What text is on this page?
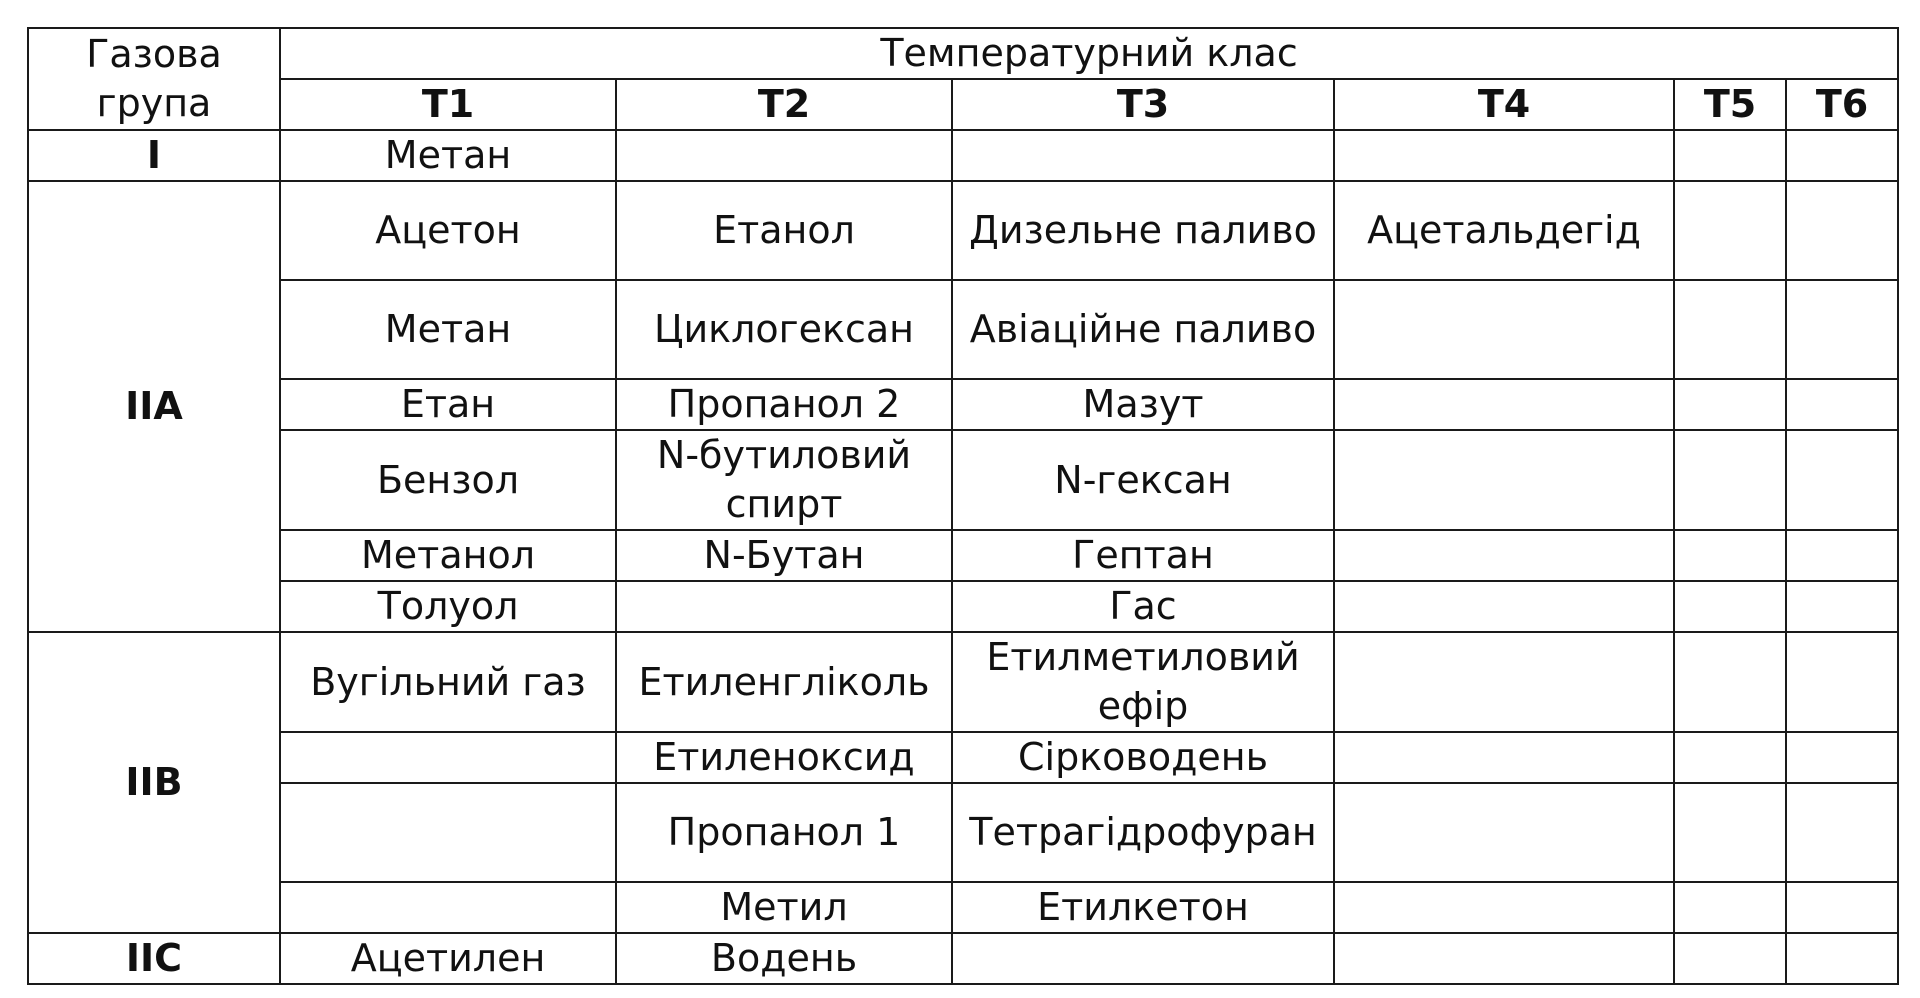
Газова
група	Температурний клас					
	T1	T2	T3	T4	T5	T6
I	Метан					
IIA	Ацетон	Етанол	Дизельне паливо	Ацетальдегід		
	Метан	Циклогексан	Авіаційне паливо			
	Етан	Пропанол 2	Мазут			
	Бензол	N-бутиловий спирт	N-гексан			
	Метанол	N-Бутан	Гептан			
	Толуол		Гас			
IIB	Вугільний газ	Етиленгліколь	Етилметиловий ефір			
		Етиленоксид	Сірководень			
		Пропанол 1	Тетрагідрофуран			
		Метил	Етилкетон			
IIC	Ацетилен	Водень				
